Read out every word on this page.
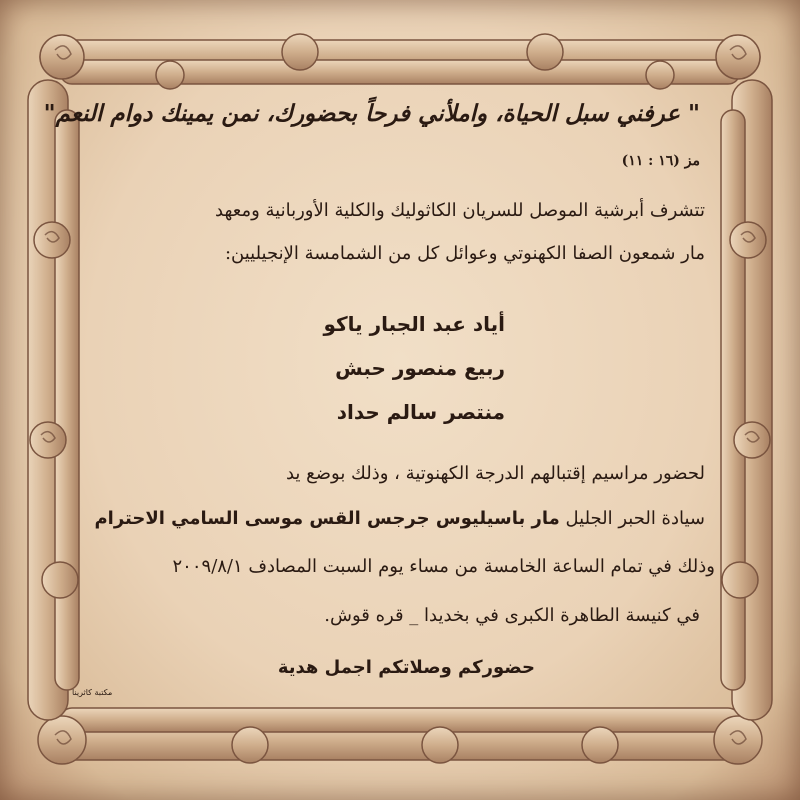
" عرفني سبل الحياة، واملأني فرحاً بحضورك، نمن يمينك دوام النعم"
مز (١٦ : ١١)
تتشرف أبرشية الموصل للسريان الكاثوليك والكلية الأوربانية ومعهد
مار شمعون الصفا الكهنوتي وعوائل كل من الشمامسة الإنجيليين:
أياد عبد الجبار ياكو
ربيع منصور حبش
منتصر سالم حداد
لحضور مراسيم إقتبالهم الدرجة الكهنوتية ، وذلك بوضع يد
سيادة الحبر الجليل مار باسيليوس جرجس القس موسى السامي الاحترام
وذلك في تمام الساعة الخامسة من مساء يوم السبت المصادف ٢٠٠٩/٨/١
في كنيسة الطاهرة الكبرى في بخديدا _ قره قوش.
حضوركم وصلاتكم اجمل هدية
مكتبة كاثرينا
